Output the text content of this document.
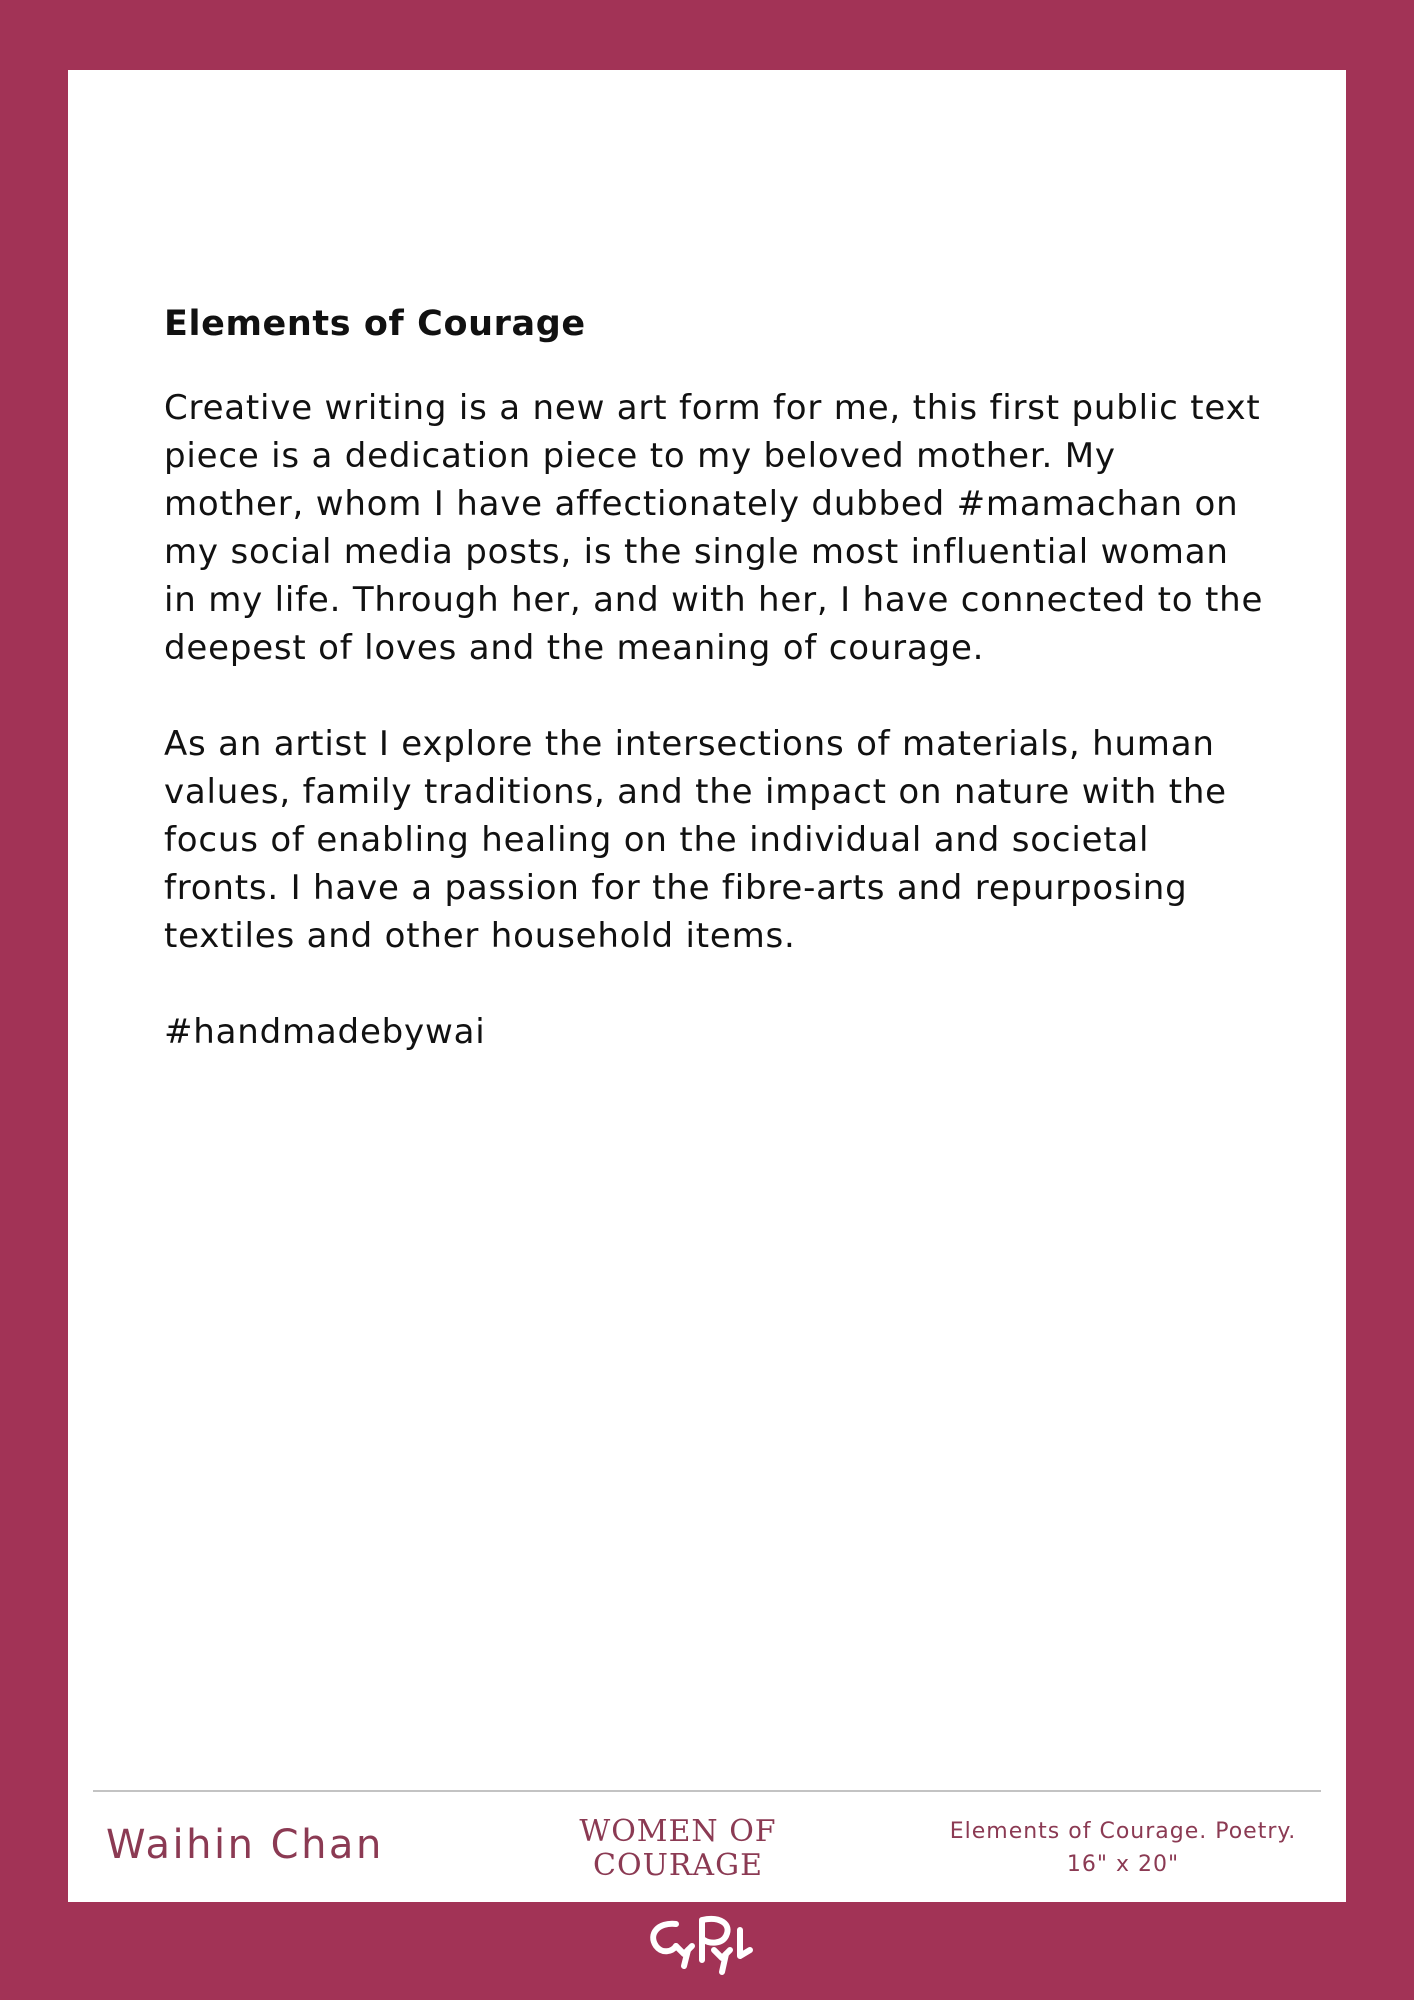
Elements of Courage

Creative writing is a new art form for me, this first public text piece is a dedication piece to my beloved mother. My mother, whom I have affectionately dubbed #mamachan on my social media posts, is the single most influential woman in my life. Through her, and with her, I have connected to the deepest of loves and the meaning of courage.

As an artist I explore the intersections of materials, human values, family traditions, and the impact on nature with the focus of enabling healing on the individual and societal fronts. I have a passion for the fibre-arts and repurposing textiles and other household items.

#handmadebywai

Waihin Chan	WOMEN OF
COURAGE
Elements of Courage. Poetry.
16" x 20"
